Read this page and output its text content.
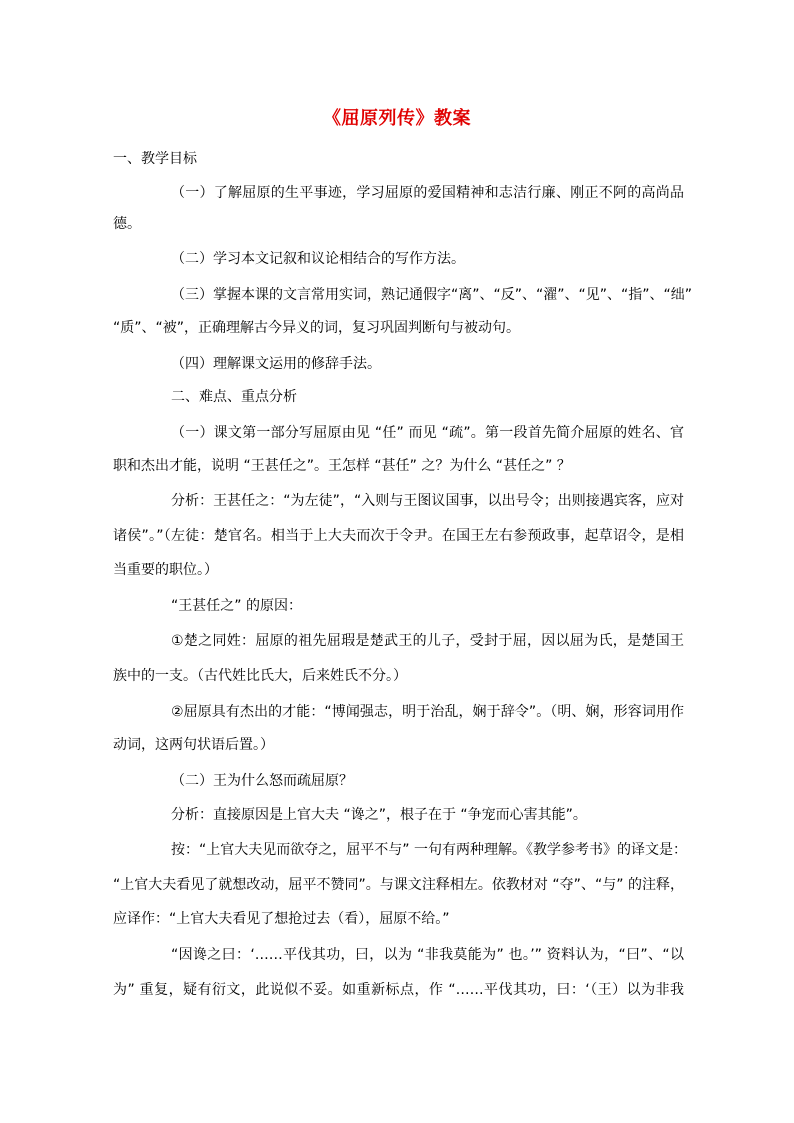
《屈原列传》教案
一、教学目标
（一）了解屈原的生平事迹，学习屈原的爱国精神和志洁行廉、刚正不阿的高尚品
德。
（二）学习本文记叙和议论相结合的写作方法。
（三）掌握本课的文言常用实词，熟记通假字“离”、“反”、“濯”、“见”、“指”、“绌”
“质”、“被”，正确理解古今异义的词，复习巩固判断句与被动句。
（四）理解课文运用的修辞手法。
二、难点、重点分析
（一）课文第一部分写屈原由见 “任” 而见 “疏”。第一段首先简介屈原的姓名、官
职和杰出才能，说明 “王甚任之”。王怎样 “甚任” 之？为什么 “甚任之” ？
分析：王甚任之：“为左徒”，“入则与王图议国事，以出号令；出则接遇宾客，应对
诸侯”。”（左徒：楚官名。相当于上大夫而次于令尹。在国王左右参预政事，起草诏令，是相
当重要的职位。）
“王甚任之” 的原因：
①楚之同姓：屈原的祖先屈瑕是楚武王的儿子，受封于屈，因以屈为氏，是楚国王
族中的一支。（古代姓比氏大，后来姓氏不分。）
②屈原具有杰出的才能：“博闻强志，明于治乱，娴于辞令”。（明、娴，形容词用作
动词，这两句状语后置。）
（二）王为什么怒而疏屈原？
分析：直接原因是上官大夫 “谗之”，根子在于 “争宠而心害其能”。
按：“上官大夫见而欲夺之，屈平不与” 一句有两种理解。《教学参考书》的译文是：
“上官大夫看见了就想改动，屈平不赞同”。与课文注释相左。依教材对 “夺”、“与” 的注释，
应译作：“上官大夫看见了想抢过去（看），屈原不给。”
“因谗之曰：‘……平伐其功，曰，以为 “非我莫能为” 也。’” 资料认为，“曰”、“以
为” 重复，疑有衍文，此说似不妥。如重新标点，作 “……平伐其功，曰：‘（王）以为非我
